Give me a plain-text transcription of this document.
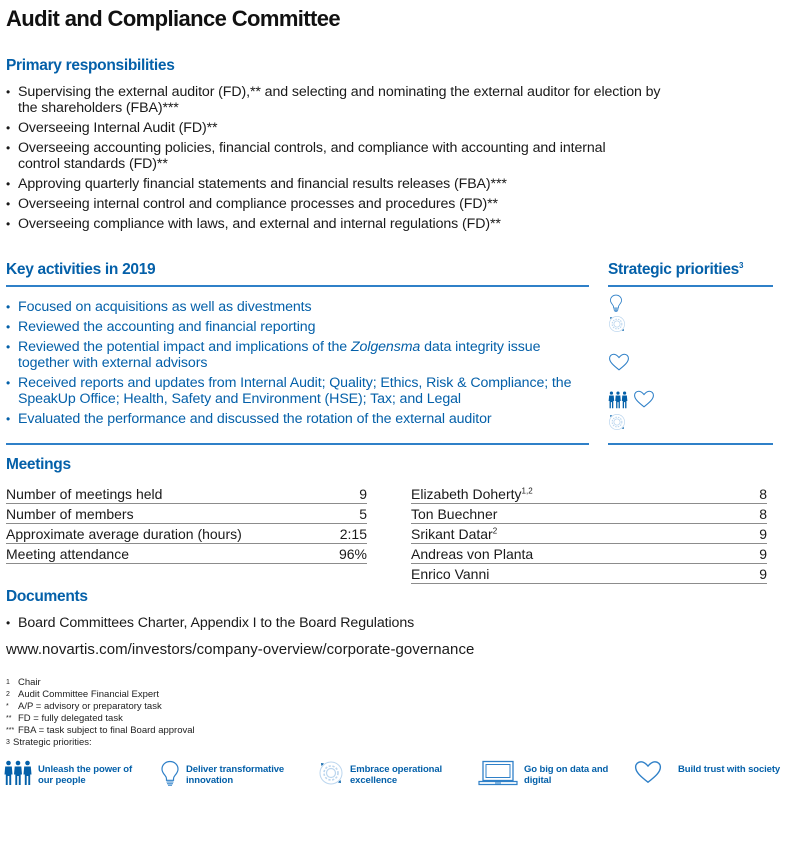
Audit and Compliance Committee
Primary responsibilities
• Supervising the external auditor (FD),** and selecting and nominating the external auditor for election by the shareholders (FBA)***
• Overseeing Internal Audit (FD)**
• Overseeing accounting policies, financial controls, and compliance with accounting and internal control standards (FD)**
• Approving quarterly financial statements and financial results releases (FBA)***
• Overseeing internal control and compliance processes and procedures (FD)**
• Overseeing compliance with laws, and external and internal regulations (FD)**
Key activities in 2019
• Focused on acquisitions as well as divestments
• Reviewed the accounting and financial reporting
• Reviewed the potential impact and implications of the Zolgensma data integrity issue together with external advisors
• Received reports and updates from Internal Audit; Quality; Ethics, Risk & Compliance; the SpeakUp Office; Health, Safety and Environment (HSE); Tax; and Legal
• Evaluated the performance and discussed the rotation of the external auditor
Strategic priorities$^3$
Meetings
Number of meetings held	9
Number of members	5
Approximate average duration (hours)	2:15
Meeting attendance	96%
Elizabeth Doherty$^{1,2}$	8
Ton Buechner	8
Srikant Datar$^2$	9
Andreas von Planta	9
Enrico Vanni	9
Documents
• Board Committees Charter, Appendix I to the Board Regulations
www.novartis.com/investors/company-overview/corporate-governance
1 Chair
2 Audit Committee Financial Expert
* A/P = advisory or preparatory task
** FD = fully delegated task
*** FBA = task subject to final Board approval
3 Strategic priorities:
Unleash the power of our people
Deliver transformative innovation
Embrace operational excellence
Go big on data and digital
Build trust with society
